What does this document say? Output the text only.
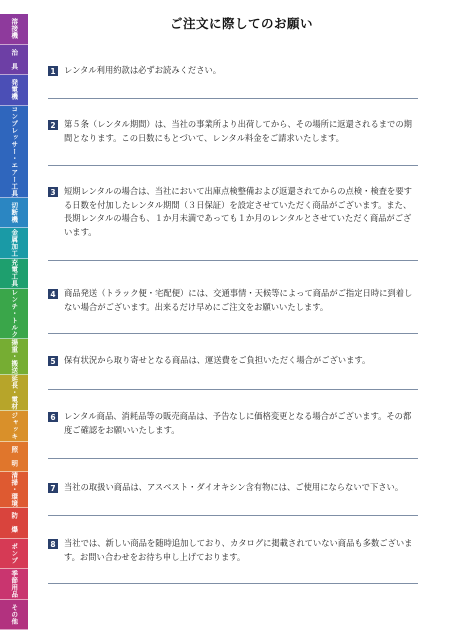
溶接機
治　具
発電機
コンプレッサー・エアー工具
切断機
金属加工
充電工具
レンチ・トルク
揚重・搬送
延長・電材
ジャッキ
照　明
清掃・環境
防　爆
ポンプ
季節用品
その他
ご注文に際してのお願い
1 レンタル利用約款は必ずお読みください。
2 第５条（レンタル期間）は、当社の事業所より出荷してから、その場所に返還されるまでの期間となります。この日数にもとづいて、レンタル料金をご請求いたします。
3 短期レンタルの場合は、当社において出庫点検整備および返還されてからの点検・検査を要する日数を付加したレンタル期間（３日保証）を設定させていただく商品がございます。また、長期レンタルの場合も、１か月未満であっても１か月のレンタルとさせていただく商品がございます。
4 商品発送（トラック便・宅配便）には、交通事情・天候等によって商品がご指定日時に到着しない場合がございます。出来るだけ早めにご注文をお願いいたします。
5 保有状況から取り寄せとなる商品は、運送費をご負担いただく場合がございます。
6 レンタル商品、消耗品等の販売商品は、予告なしに価格変更となる場合がございます。その都度ご確認をお願いいたします。
7 当社の取扱い商品は、アスベスト・ダイオキシン含有物には、ご使用にならないで下さい。
8 当社では、新しい商品を随時追加しており、カタログに掲載されていない商品も多数ございます。お問い合わせをお待ち申し上げております。
